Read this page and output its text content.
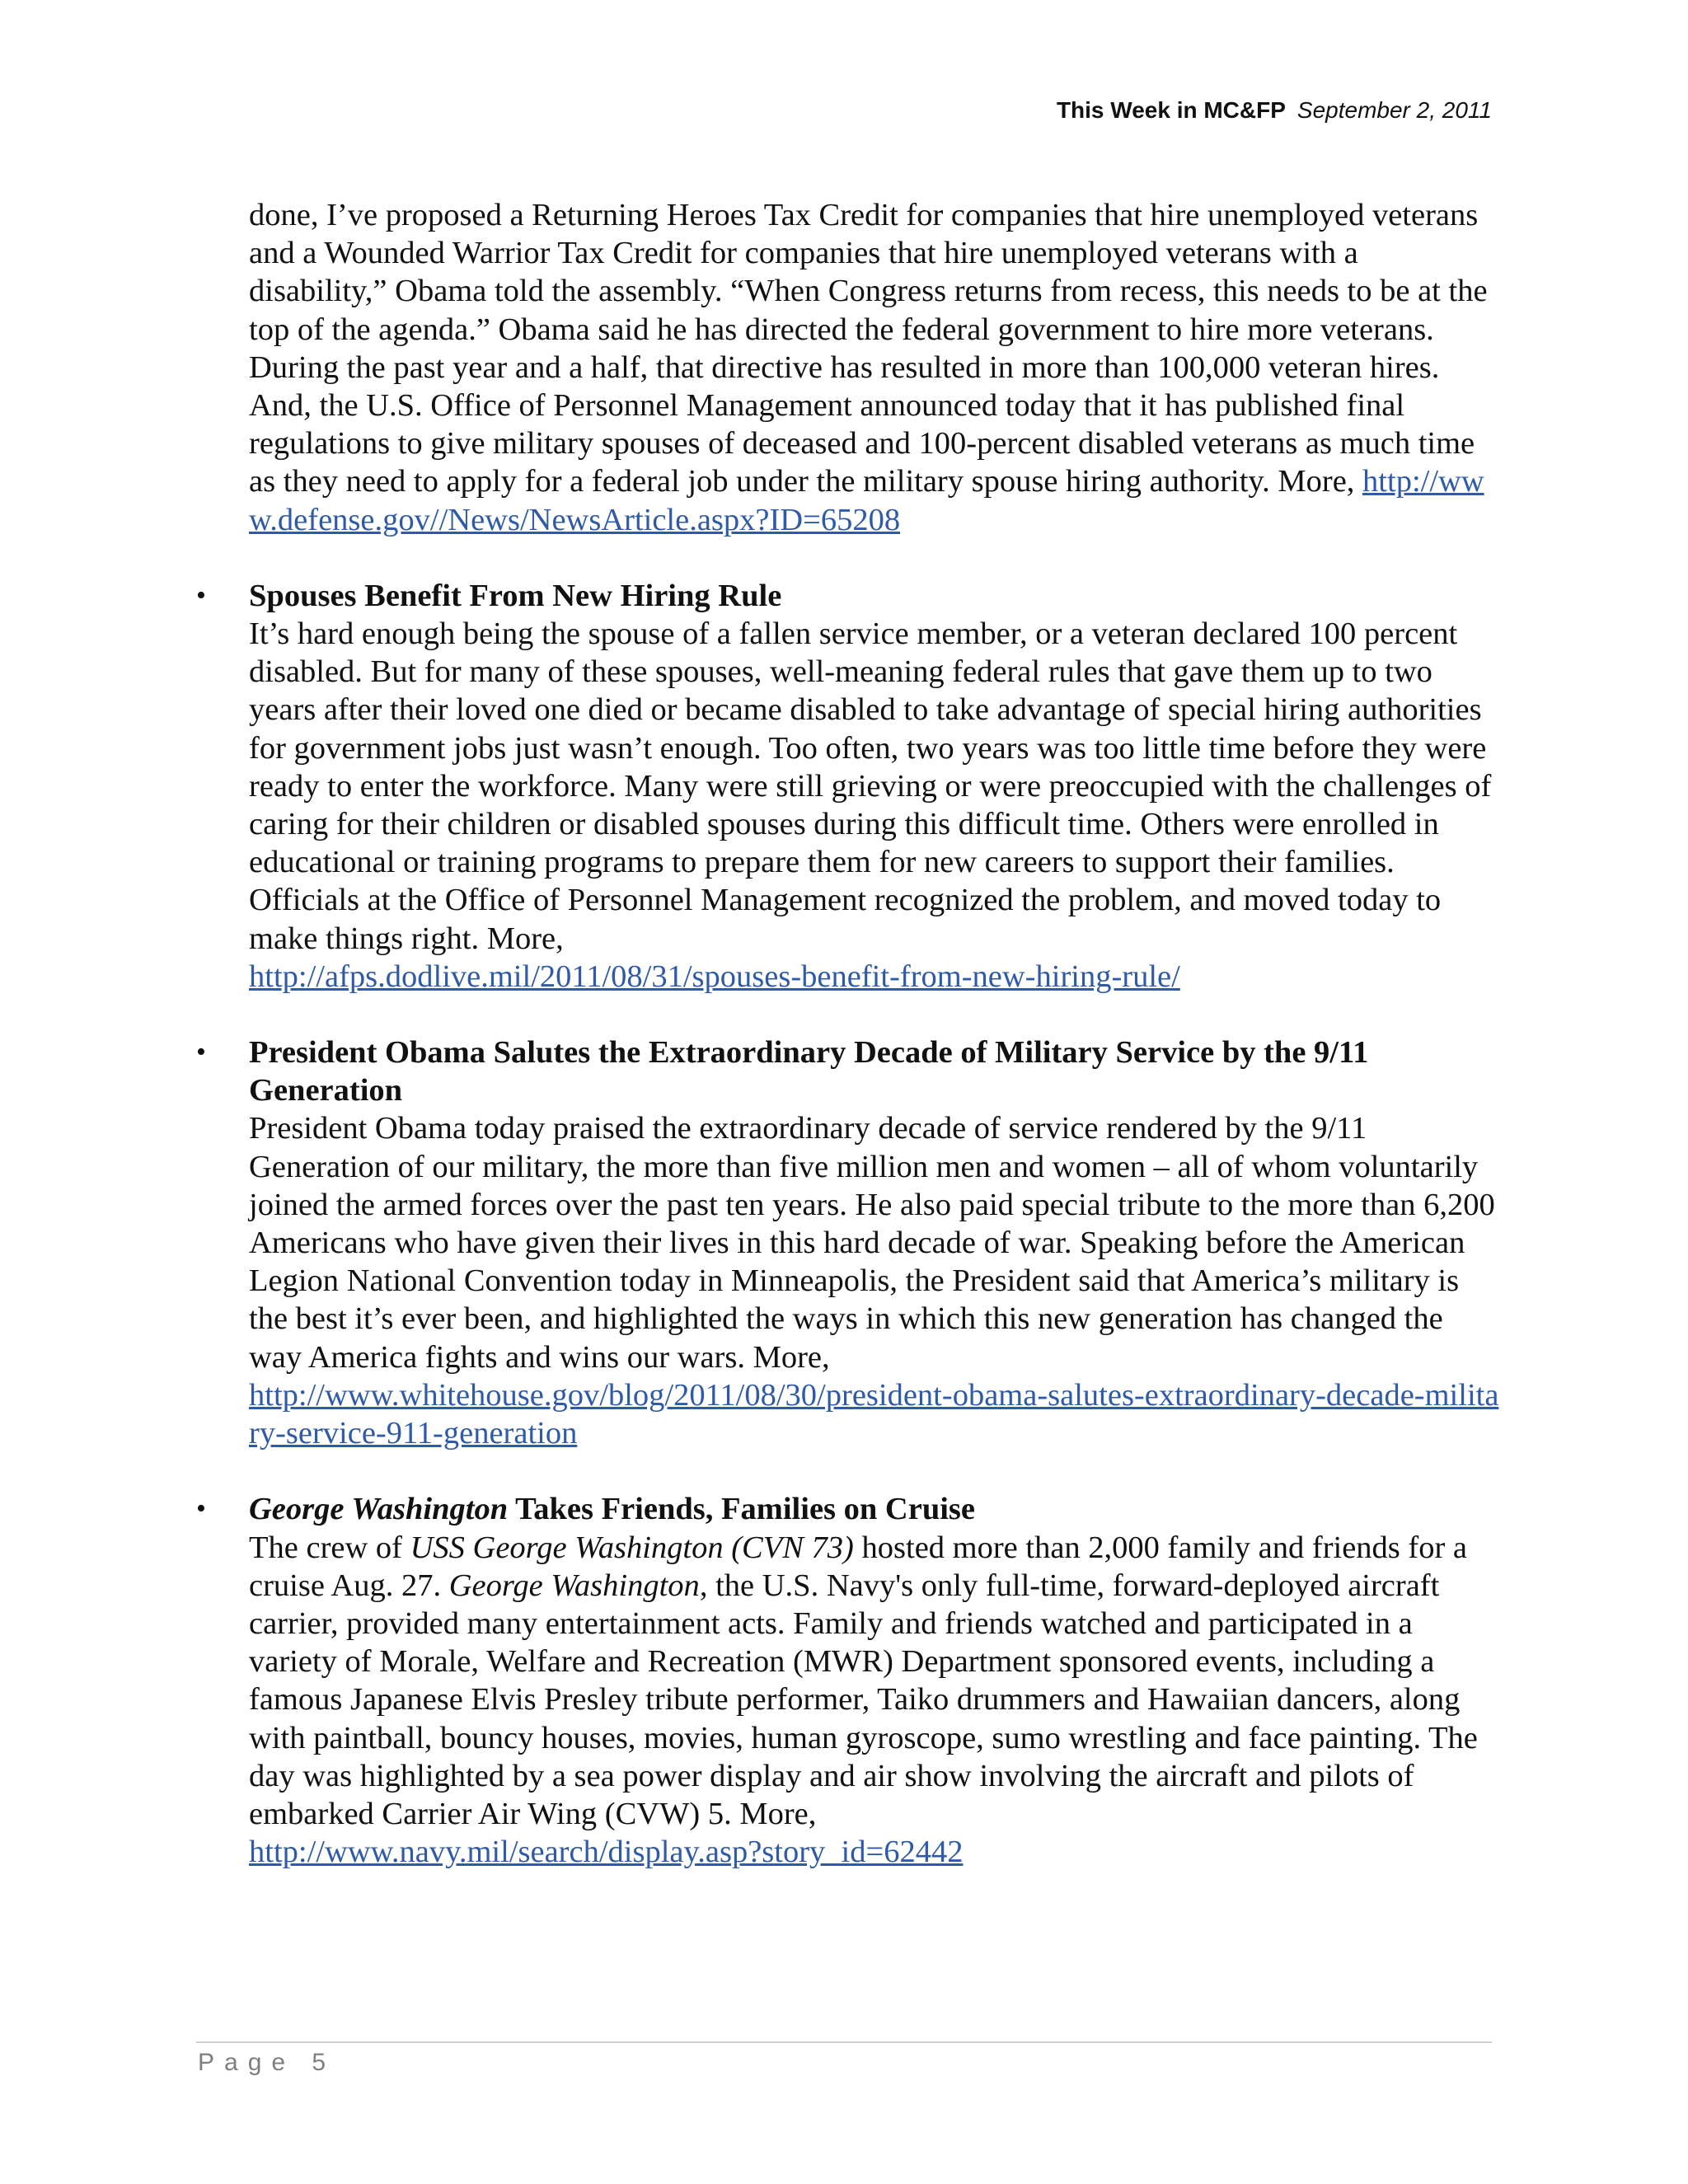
This Week in MC&FP September 2, 2011

done, I’ve proposed a Returning Heroes Tax Credit for companies that hire unemployed veterans and a Wounded Warrior Tax Credit for companies that hire unemployed veterans with a disability,” Obama told the assembly. “When Congress returns from recess, this needs to be at the top of the agenda.” Obama said he has directed the federal government to hire more veterans. During the past year and a half, that directive has resulted in more than 100,000 veteran hires. And, the U.S. Office of Personnel Management announced today that it has published final regulations to give military spouses of deceased and 100-percent disabled veterans as much time as they need to apply for a federal job under the military spouse hiring authority. More, http://www.defense.gov//News/NewsArticle.aspx?ID=65208

• Spouses Benefit From New Hiring Rule

It’s hard enough being the spouse of a fallen service member, or a veteran declared 100 percent disabled. But for many of these spouses, well-meaning federal rules that gave them up to two years after their loved one died or became disabled to take advantage of special hiring authorities for government jobs just wasn’t enough. Too often, two years was too little time before they were ready to enter the workforce. Many were still grieving or were preoccupied with the challenges of caring for their children or disabled spouses during this difficult time. Others were enrolled in educational or training programs to prepare them for new careers to support their families. Officials at the Office of Personnel Management recognized the problem, and moved today to make things right. More,
http://afps.dodlive.mil/2011/08/31/spouses-benefit-from-new-hiring-rule/

• President Obama Salutes the Extraordinary Decade of Military Service by the 9/11 Generation

President Obama today praised the extraordinary decade of service rendered by the 9/11 Generation of our military, the more than five million men and women – all of whom voluntarily joined the armed forces over the past ten years. He also paid special tribute to the more than 6,200 Americans who have given their lives in this hard decade of war. Speaking before the American Legion National Convention today in Minneapolis, the President said that America’s military is the best it’s ever been, and highlighted the ways in which this new generation has changed the way America fights and wins our wars. More,
http://www.whitehouse.gov/blog/2011/08/30/president-obama-salutes-extraordinary-decade-military-service-911-generation

• George Washington Takes Friends, Families on Cruise

The crew of USS George Washington (CVN 73) hosted more than 2,000 family and friends for a cruise Aug. 27. George Washington, the U.S. Navy's only full-time, forward-deployed aircraft carrier, provided many entertainment acts. Family and friends watched and participated in a variety of Morale, Welfare and Recreation (MWR) Department sponsored events, including a famous Japanese Elvis Presley tribute performer, Taiko drummers and Hawaiian dancers, along with paintball, bouncy houses, movies, human gyroscope, sumo wrestling and face painting. The day was highlighted by a sea power display and air show involving the aircraft and pilots of embarked Carrier Air Wing (CVW) 5. More,
http://www.navy.mil/search/display.asp?story_id=62442

Page 5
